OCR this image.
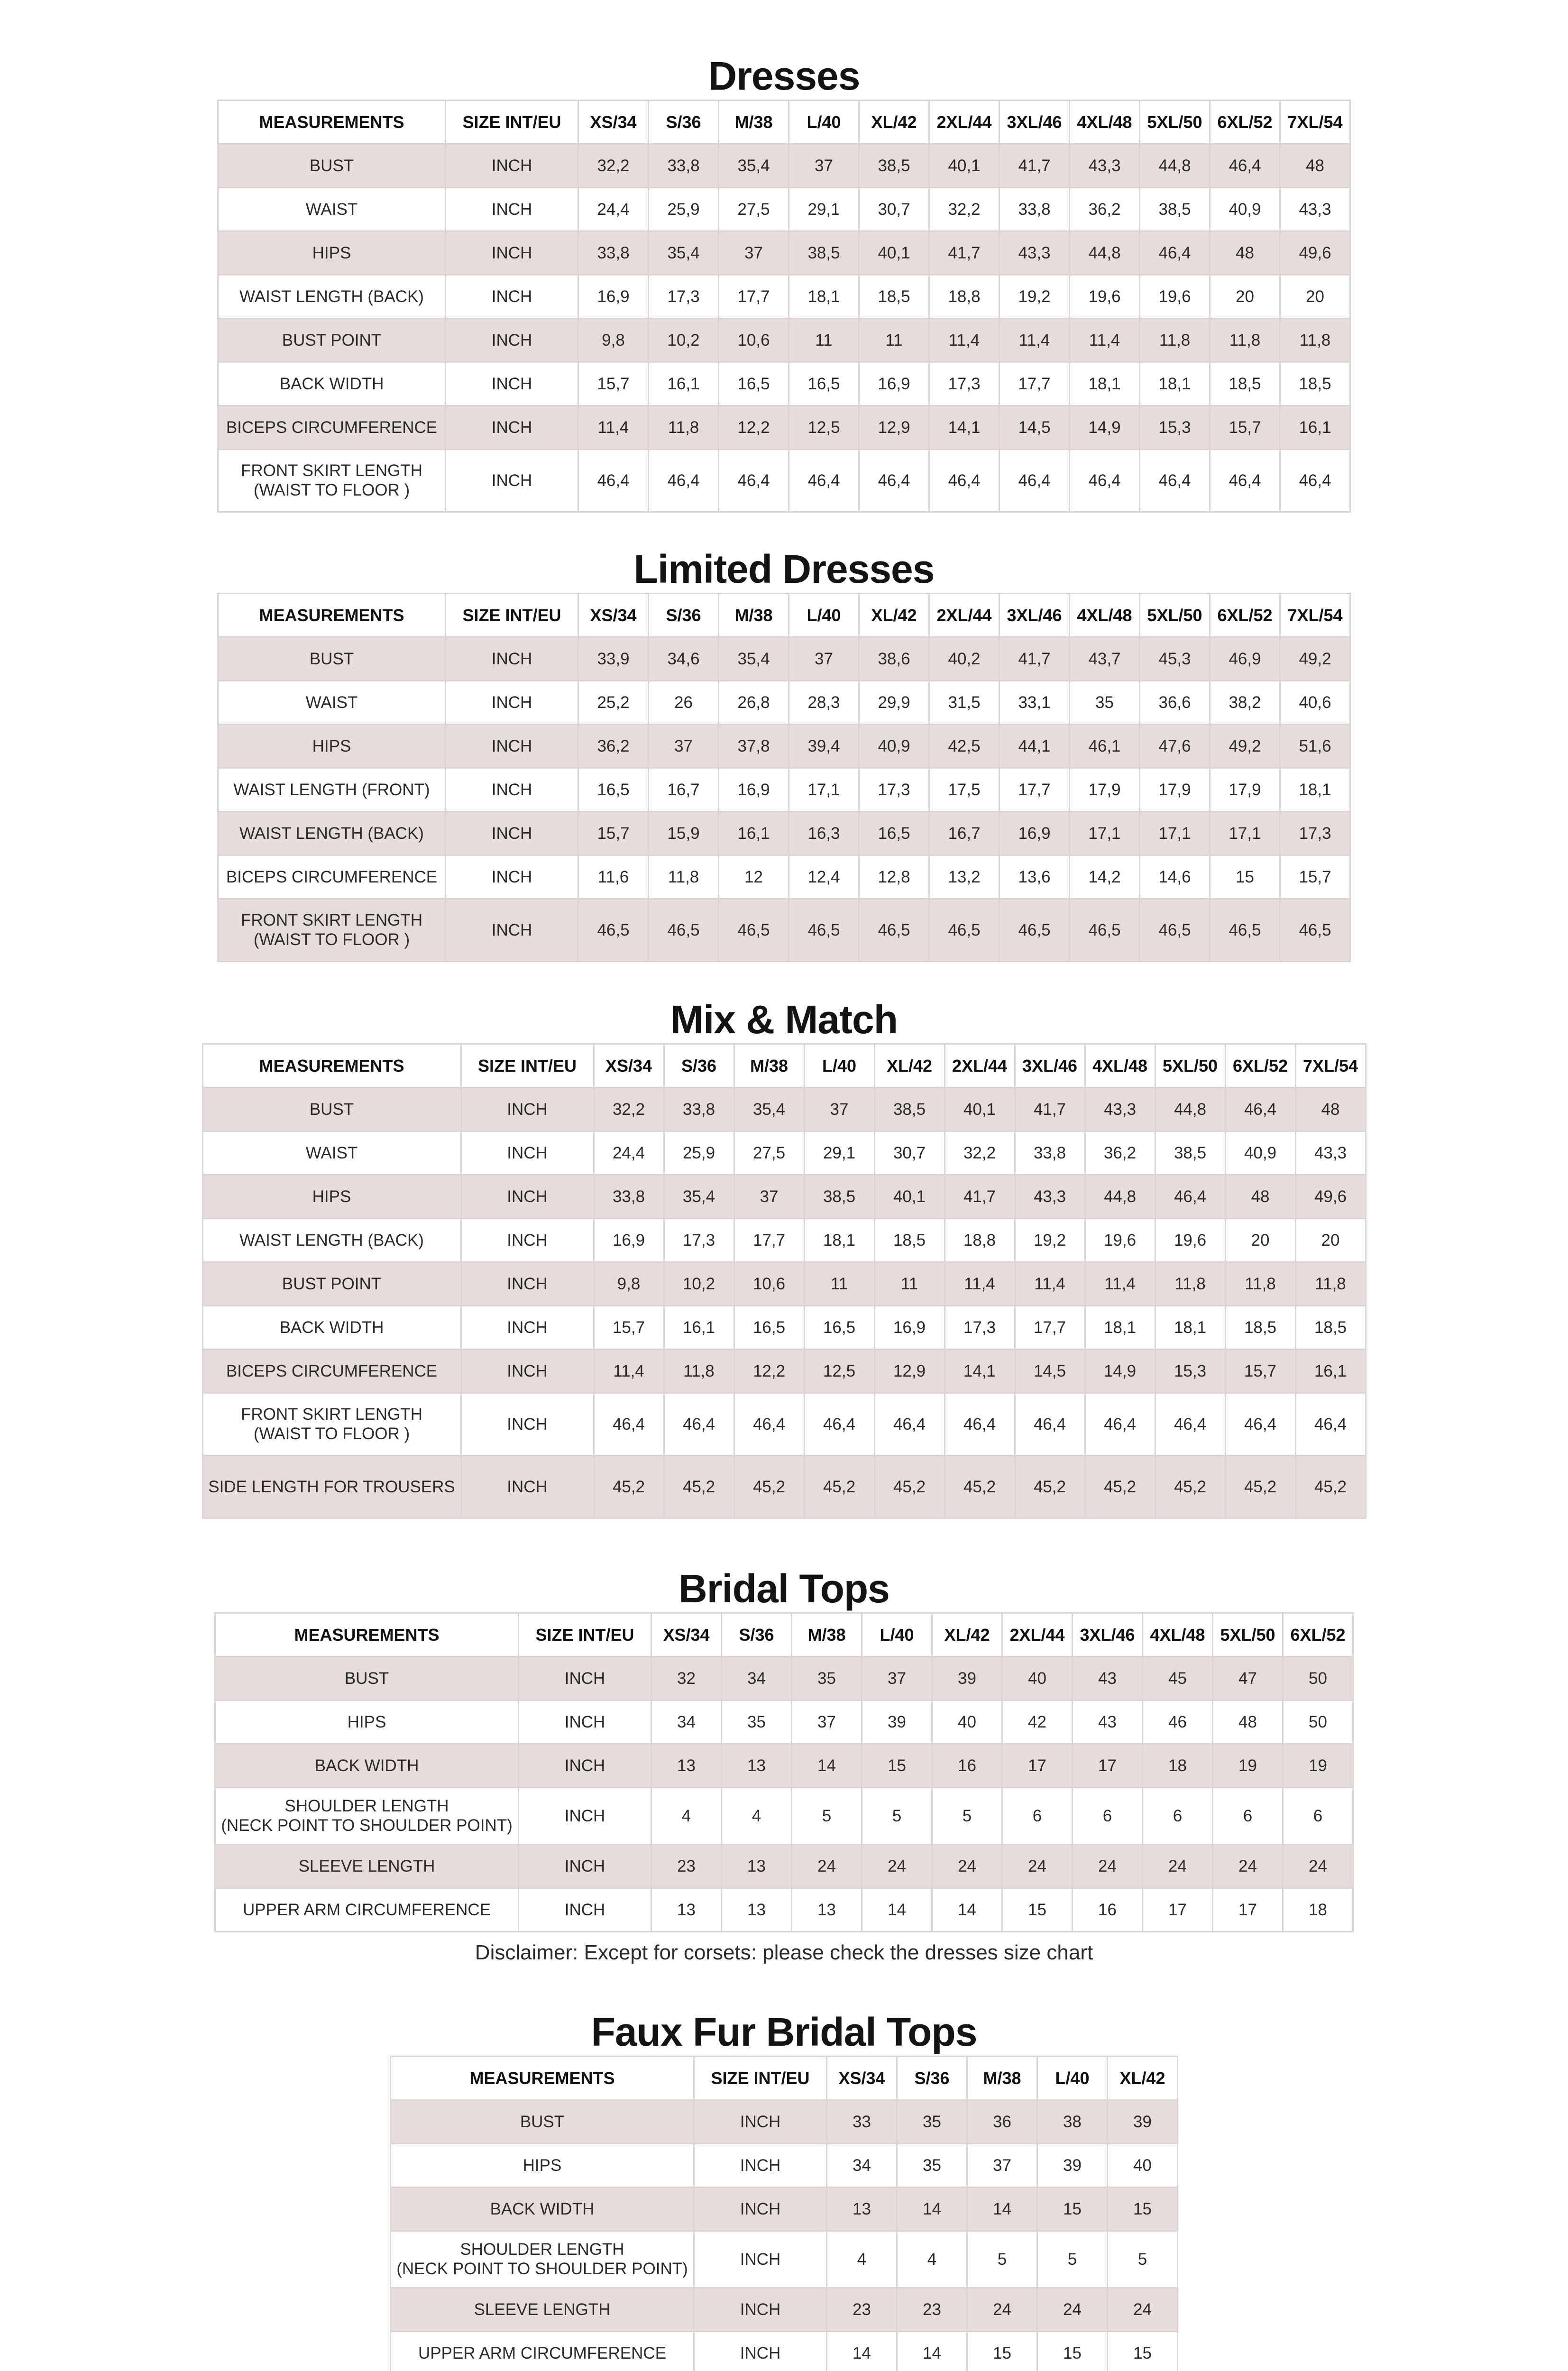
Dresses
MEASUREMENTS	SIZE INT/EU	XS/34	S/36	M/38	L/40	XL/42	2XL/44	3XL/46	4XL/48	5XL/50	6XL/52	7XL/54
BUST	INCH	32,2	33,8	35,4	37	38,5	40,1	41,7	43,3	44,8	46,4	48
WAIST	INCH	24,4	25,9	27,5	29,1	30,7	32,2	33,8	36,2	38,5	40,9	43,3
HIPS	INCH	33,8	35,4	37	38,5	40,1	41,7	43,3	44,8	46,4	48	49,6
WAIST LENGTH (BACK)	INCH	16,9	17,3	17,7	18,1	18,5	18,8	19,2	19,6	19,6	20	20
BUST POINT	INCH	9,8	10,2	10,6	11	11	11,4	11,4	11,4	11,8	11,8	11,8
BACK WIDTH	INCH	15,7	16,1	16,5	16,5	16,9	17,3	17,7	18,1	18,1	18,5	18,5
BICEPS CIRCUMFERENCE	INCH	11,4	11,8	12,2	12,5	12,9	14,1	14,5	14,9	15,3	15,7	16,1
FRONT SKIRT LENGTH
(WAIST TO FLOOR )	INCH	46,4	46,4	46,4	46,4	46,4	46,4	46,4	46,4	46,4	46,4	46,4
Limited Dresses
MEASUREMENTS	SIZE INT/EU	XS/34	S/36	M/38	L/40	XL/42	2XL/44	3XL/46	4XL/48	5XL/50	6XL/52	7XL/54
BUST	INCH	33,9	34,6	35,4	37	38,6	40,2	41,7	43,7	45,3	46,9	49,2
WAIST	INCH	25,2	26	26,8	28,3	29,9	31,5	33,1	35	36,6	38,2	40,6
HIPS	INCH	36,2	37	37,8	39,4	40,9	42,5	44,1	46,1	47,6	49,2	51,6
WAIST LENGTH (FRONT)	INCH	16,5	16,7	16,9	17,1	17,3	17,5	17,7	17,9	17,9	17,9	18,1
WAIST LENGTH (BACK)	INCH	15,7	15,9	16,1	16,3	16,5	16,7	16,9	17,1	17,1	17,1	17,3
BICEPS CIRCUMFERENCE	INCH	11,6	11,8	12	12,4	12,8	13,2	13,6	14,2	14,6	15	15,7
FRONT SKIRT LENGTH
(WAIST TO FLOOR )	INCH	46,5	46,5	46,5	46,5	46,5	46,5	46,5	46,5	46,5	46,5	46,5
Mix & Match
MEASUREMENTS	SIZE INT/EU	XS/34	S/36	M/38	L/40	XL/42	2XL/44	3XL/46	4XL/48	5XL/50	6XL/52	7XL/54
BUST	INCH	32,2	33,8	35,4	37	38,5	40,1	41,7	43,3	44,8	46,4	48
WAIST	INCH	24,4	25,9	27,5	29,1	30,7	32,2	33,8	36,2	38,5	40,9	43,3
HIPS	INCH	33,8	35,4	37	38,5	40,1	41,7	43,3	44,8	46,4	48	49,6
WAIST LENGTH (BACK)	INCH	16,9	17,3	17,7	18,1	18,5	18,8	19,2	19,6	19,6	20	20
BUST POINT	INCH	9,8	10,2	10,6	11	11	11,4	11,4	11,4	11,8	11,8	11,8
BACK WIDTH	INCH	15,7	16,1	16,5	16,5	16,9	17,3	17,7	18,1	18,1	18,5	18,5
BICEPS CIRCUMFERENCE	INCH	11,4	11,8	12,2	12,5	12,9	14,1	14,5	14,9	15,3	15,7	16,1
FRONT SKIRT LENGTH
(WAIST TO FLOOR )	INCH	46,4	46,4	46,4	46,4	46,4	46,4	46,4	46,4	46,4	46,4	46,4
SIDE LENGTH FOR TROUSERS	INCH	45,2	45,2	45,2	45,2	45,2	45,2	45,2	45,2	45,2	45,2	45,2
Bridal Tops
MEASUREMENTS	SIZE INT/EU	XS/34	S/36	M/38	L/40	XL/42	2XL/44	3XL/46	4XL/48	5XL/50	6XL/52
BUST	INCH	32	34	35	37	39	40	43	45	47	50
HIPS	INCH	34	35	37	39	40	42	43	46	48	50
BACK WIDTH	INCH	13	13	14	15	16	17	17	18	19	19
SHOULDER LENGTH
(NECK POINT TO SHOULDER POINT)	INCH	4	4	5	5	5	6	6	6	6	6
SLEEVE LENGTH	INCH	23	13	24	24	24	24	24	24	24	24
UPPER ARM CIRCUMFERENCE	INCH	13	13	13	14	14	15	16	17	17	18
Disclaimer: Except for corsets: please check the dresses size chart
Faux Fur Bridal Tops
MEASUREMENTS	SIZE INT/EU	XS/34	S/36	M/38	L/40	XL/42
BUST	INCH	33	35	36	38	39
HIPS	INCH	34	35	37	39	40
BACK WIDTH	INCH	13	14	14	15	15
SHOULDER LENGTH
(NECK POINT TO SHOULDER POINT)	INCH	4	4	5	5	5
SLEEVE LENGTH	INCH	23	23	24	24	24
UPPER ARM CIRCUMFERENCE	INCH	14	14	15	15	15
